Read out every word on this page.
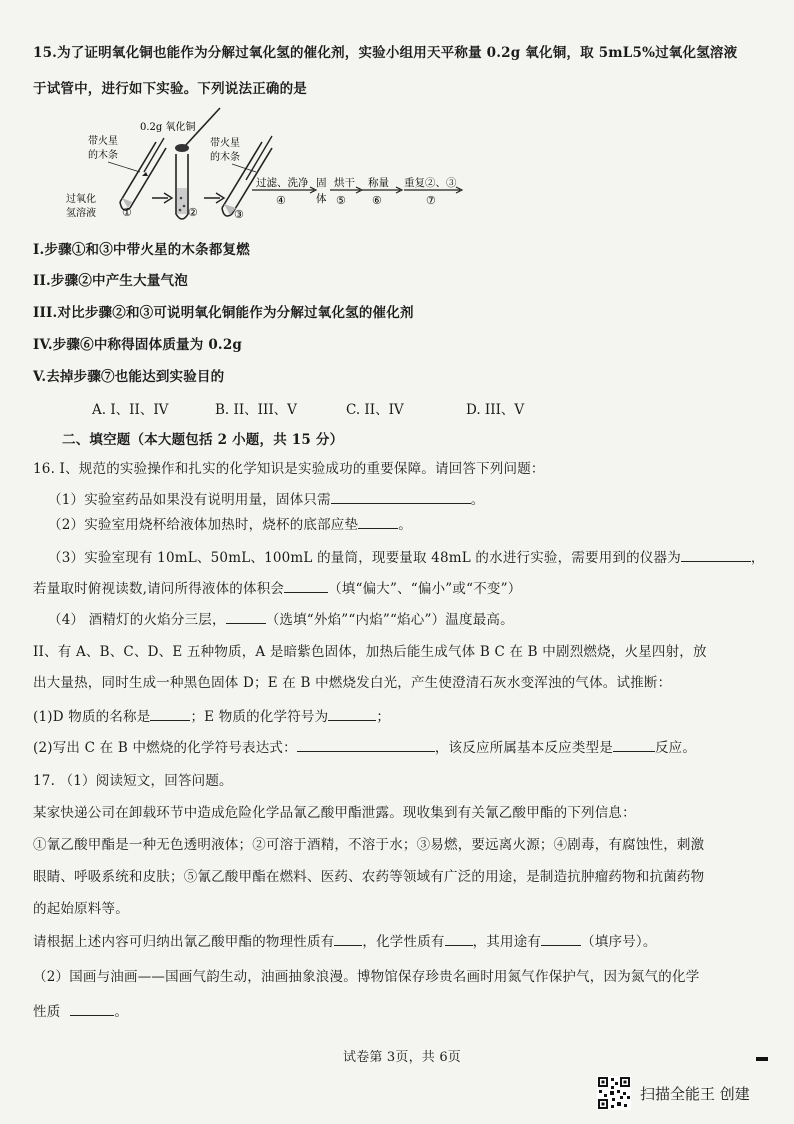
15.为了证明氧化铜也能作为分解过氧化氢的催化剂，实验小组用天平称量 0.2g 氧化铜，取 5mL5%过氧化氢溶液
于试管中，进行如下实验。下列说法正确的是
带火星
的木条
过氧化
氢溶液 ①
0.2g 氧化铜
②
带火星
的木条
③
过滤、洗净
④
固
体
烘干
⑤
称量
⑥
重复②、③
⑦
I.步骤①和③中带火星的木条都复燃
II.步骤②中产生大量气泡
III.对比步骤②和③可说明氧化铜能作为分解过氧化氢的催化剂
IV.步骤⑥中称得固体质量为 0.2g
V.去掉步骤⑦也能达到实验目的
A. I、II、IV	B. II、III、V	C. II、IV	D. III、V
二、填空题（本大题包括 2 小题，共 15 分）
16. I、规范的实验操作和扎实的化学知识是实验成功的重要保障。请回答下列问题：
（1）实验室药品如果没有说明用量，固体只需	。
（2）实验室用烧杯给液体加热时，烧杯的底部应垫	。
（3）实验室现有 10mL、50mL、100mL 的量筒，现要量取 48mL 的水进行实验，需要用到的仪器为	，
若量取时俯视读数,请问所得液体的体积会	（填“偏大”、“偏小”或“不变”）
（4） 酒精灯的火焰分三层，	（选填“外焰”“内焰”“焰心”）温度最高。
II、有 A、B、C、D、E 五种物质，A 是暗紫色固体，加热后能生成气体 B C 在 B 中剧烈燃烧，火星四射，放
出大量热，同时生成一种黑色固体 D；E 在 B 中燃烧发白光，产生使澄清石灰水变浑浊的气体。试推断：
(1)D 物质的名称是	；E 物质的化学符号为	；
(2)写出 C 在 B 中燃烧的化学符号表达式：	，该反应所属基本反应类型是	反应。
17. （1）阅读短文，回答问题。
某家快递公司在卸载环节中造成危险化学品氰乙酸甲酯泄露。现收集到有关氰乙酸甲酯的下列信息：
①氰乙酸甲酯是一种无色透明液体；②可溶于酒精，不溶于水；③易燃，要远离火源；④剧毒，有腐蚀性，刺激
眼睛、呼吸系统和皮肤；⑤氰乙酸甲酯在燃料、医药、农药等领域有广泛的用途，是制造抗肿瘤药物和抗菌药物
的起始原料等。
请根据上述内容可归纳出氰乙酸甲酯的物理性质有 ，化学性质有 ，其用途有	（填序号）。
（2）国画与油画——国画气韵生动，油画抽象浪漫。博物馆保存珍贵名画时用氮气作保护气，因为氮气的化学
性质	。
试卷第 3页，共 6页
扫描全能王 创建
